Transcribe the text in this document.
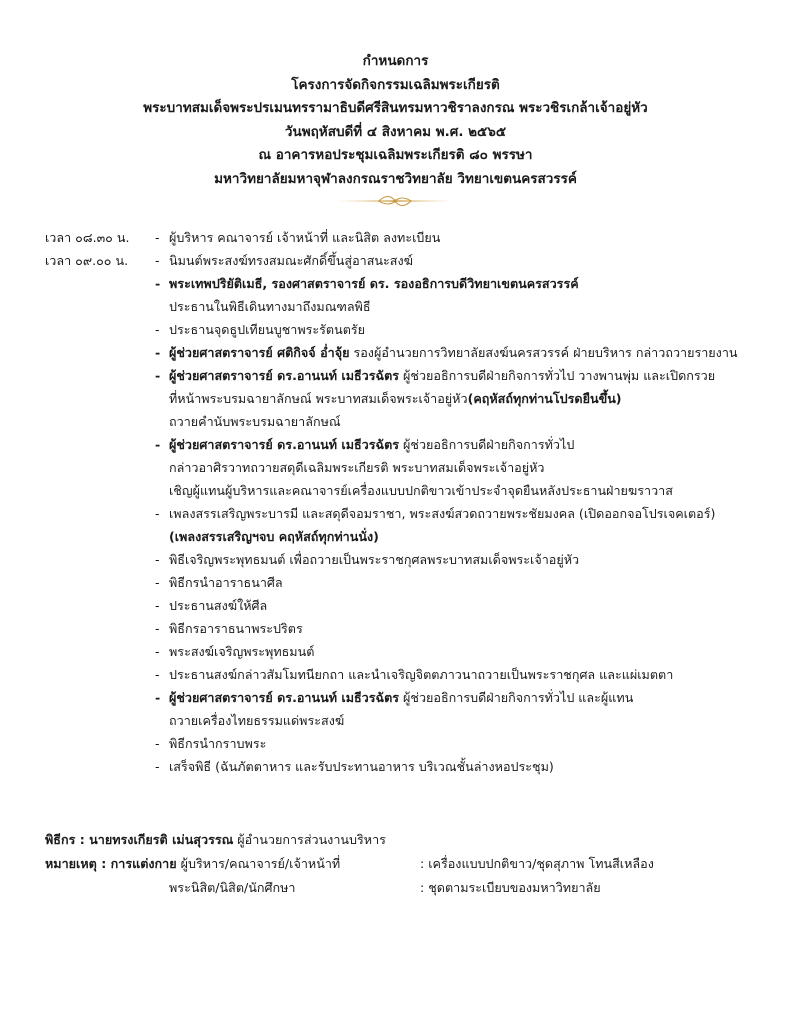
กำหนดการ
โครงการจัดกิจกรรมเฉลิมพระเกียรติ
พระบาทสมเด็จพระปรเมนทรรามาธิบดีศรีสินทรมหาวชิราลงกรณ พระวชิรเกล้าเจ้าอยู่หัว
วันพฤหัสบดีที่ ๔ สิงหาคม พ.ศ. ๒๕๖๕
ณ อาคารหอประชุมเฉลิมพระเกียรติ ๘๐ พรรษา
มหาวิทยาลัยมหาจุฬาลงกรณราชวิทยาลัย วิทยาเขตนครสวรรค์
เวลา ๐๘.๓๐ น.	- ผู้บริหาร คณาจารย์ เจ้าหน้าที่ และนิสิต ลงทะเบียน
เวลา ๐๙.๐๐ น.	- นิมนต์พระสงฆ์ทรงสมณะศักดิ์ขึ้นสู่อาสนะสงฆ์
- พระเทพปริยัติเมธี, รองศาสตราจารย์ ดร. รองอธิการบดีวิทยาเขตนครสวรรค์
ประธานในพิธีเดินทางมาถึงมณฑลพิธี
- ประธานจุดธูปเทียนบูชาพระรัตนตรัย
- ผู้ช่วยศาสตราจารย์ ศติกิจจ์ อ่ำจุ้ย รองผู้อำนวยการวิทยาลัยสงฆ์นครสวรรค์ ฝ่ายบริหาร กล่าวถวายรายงาน
- ผู้ช่วยศาสตราจารย์ ดร.อานนท์ เมธีวรฉัตร ผู้ช่วยอธิการบดีฝ่ายกิจการทั่วไป วางพานพุ่ม และเปิดกรวย
ที่หน้าพระบรมฉายาลักษณ์ พระบาทสมเด็จพระเจ้าอยู่หัว (คฤหัสถ์ทุกท่านโปรดยืนขึ้น)
ถวายคำนับพระบรมฉายาลักษณ์
- ผู้ช่วยศาสตราจารย์ ดร.อานนท์ เมธีวรฉัตร ผู้ช่วยอธิการบดีฝ่ายกิจการทั่วไป
กล่าวอาศิรวาทถวายสดุดีเฉลิมพระเกียรติ พระบาทสมเด็จพระเจ้าอยู่หัว
เชิญผู้แทนผู้บริหารและคณาจารย์เครื่องแบบปกติขาวเข้าประจำจุดยืนหลังประธานฝ่ายฆราวาส
- เพลงสรรเสริญพระบารมี และสดุดีจอมราชา, พระสงฆ์สวดถวายพระชัยมงคล (เปิดออกจอโปรเจคเตอร์)
(เพลงสรรเสริญฯจบ คฤหัสถ์ทุกท่านนั่ง)
- พิธีเจริญพระพุทธมนต์ เพื่อถวายเป็นพระราชกุศลพระบาทสมเด็จพระเจ้าอยู่หัว
- พิธีกรนำอาราธนาศีล
- ประธานสงฆ์ให้ศีล
- พิธีกรอาราธนาพระปริตร
- พระสงฆ์เจริญพระพุทธมนต์
- ประธานสงฆ์กล่าวสัมโมทนียกถา และนำเจริญจิตตภาวนาถวายเป็นพระราชกุศล และแผ่เมตตา
- ผู้ช่วยศาสตราจารย์ ดร.อานนท์ เมธีวรฉัตร ผู้ช่วยอธิการบดีฝ่ายกิจการทั่วไป และผู้แทน
ถวายเครื่องไทยธรรมแด่พระสงฆ์
- พิธีกรนำกราบพระ
- เสร็จพิธี (ฉันภัตตาหาร และรับประทานอาหาร บริเวณชั้นล่างหอประชุม)
พิธีกร : นายทรงเกียรติ เม่นสุวรรณ ผู้อำนวยการส่วนงานบริหาร
หมายเหตุ : การแต่งกาย ผู้บริหาร/คณาจารย์/เจ้าหน้าที่	: เครื่องแบบปกติขาว/ชุดสุภาพ โทนสีเหลือง
พระนิสิต/นิสิต/นักศึกษา	: ชุดตามระเบียบของมหาวิทยาลัย
